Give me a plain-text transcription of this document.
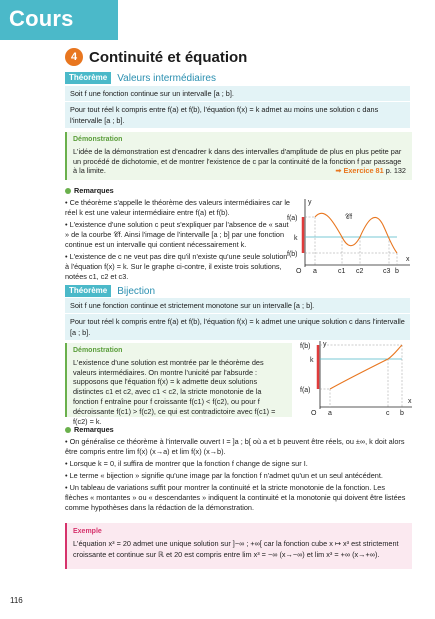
Cours
4 Continuité et équation
Théorème	Valeurs intermédiaires

Soit f une fonction continue sur un intervalle [a ; b].

Pour tout réel k compris entre f(a) et f(b), l'équation f(x) = k admet au moins une solution c dans l'intervalle [a ; b].

Démonstration
L'idée de la démonstration est d'encadrer k dans des intervalles d'amplitude de plus en plus petite par un procédé de dichotomie, et de montrer l'existence de c par la continuité de la fonction f par passage à la limite.	➡ Exercice 81 p. 132
Remarques

• Ce théorème s'appelle le théorème des valeurs intermédiaires car le réel k est une valeur intermédiaire entre f(a) et f(b).

• L'existence d'une solution c peut s'expliquer par l'absence de « saut » de la courbe 𝒞f. Ainsi l'image de l'intervalle [a ; b] par une fonction continue est un intervalle qui contient nécessairement k.

• L'existence de c ne veut pas dire qu'il n'existe qu'une seule solution à l'équation f(x) = k. Sur le graphe ci-contre, il existe trois solutions, notées c1, c2 et c3.

f(a)
k
f(b)
O a	c1 c2	c3 b
x
y
𝒞f
Théorème	Bijection

Soit f une fonction continue et strictement monotone sur un intervalle [a ; b].

Pour tout réel k compris entre f(a) et f(b), l'équation f(x) = k admet une unique solution c dans l'intervalle [a ; b].

Démonstration
L'existence d'une solution est montrée par le théorème des valeurs intermédiaires. On montre l'unicité par l'absurde : supposons que l'équation f(x) = k admette deux solutions distinctes c1 et c2, avec c1 < c2, la stricte monotonie de la fonction f entraîne pour f croissante f(c1) < f(c2), ou pour f décroissante f(c1) > f(c2), ce qui est contradictoire avec f(c1) = f(c2) = k.
f(b)
k
f(a)
O a	c b
x
y
Remarques

• On généralise ce théorème à l'intervalle ouvert I = ]a ; b[ où a et b peuvent être réels, ou ±∞, k doit alors être compris entre lim f(x) (x→a) et lim f(x) (x→b).

• Lorsque k = 0, il suffira de montrer que la fonction f change de signe sur I.

• Le terme « bijection » signifie qu'une image par la fonction f n'admet qu'un et un seul antécédent.

• Un tableau de variations suffit pour montrer la continuité et la stricte monotonie de la fonction. Les flèches « montantes » ou « descendantes » indiquent la continuité et la monotonie qui doivent être listées comme hypothèses dans la rédaction de la démonstration.

Exemple
L'équation x³ = 20 admet une unique solution sur ]−∞ ; +∞[ car la fonction cube x ↦ x³ est strictement
croissante et continue sur ℝ et 20 est compris entre lim x³ = −∞ (x→−∞) et lim x³ = +∞ (x→+∞).
116
